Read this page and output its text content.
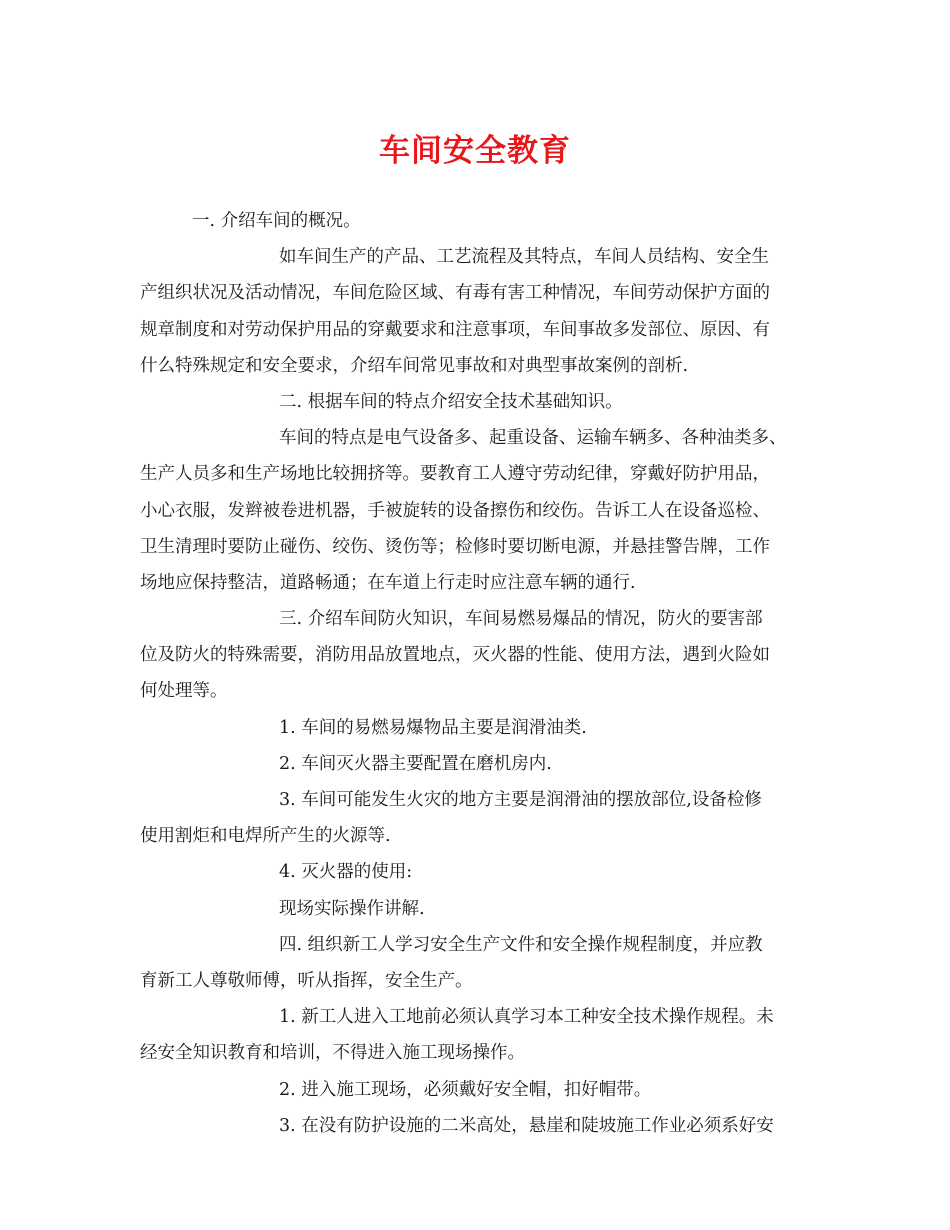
车间安全教育
一. 介绍车间的概况。
如车间生产的产品、工艺流程及其特点，车间人员结构、安全生
产组织状况及活动情况，车间危险区域、有毒有害工种情况，车间劳动保护方面的
规章制度和对劳动保护用品的穿戴要求和注意事项，车间事故多发部位、原因、有
什么特殊规定和安全要求，介绍车间常见事故和对典型事故案例的剖析.
二. 根据车间的特点介绍安全技术基础知识。
车间的特点是电气设备多、起重设备、运输车辆多、各种油类多、
生产人员多和生产场地比较拥挤等。要教育工人遵守劳动纪律，穿戴好防护用品，
小心衣服，发辫被卷进机器，手被旋转的设备擦伤和绞伤。告诉工人在设备巡检、
卫生清理时要防止碰伤、绞伤、烫伤等；检修时要切断电源，并悬挂警告牌，工作
场地应保持整洁，道路畅通；在车道上行走时应注意车辆的通行.
三. 介绍车间防火知识，车间易燃易爆品的情况，防火的要害部
位及防火的特殊需要，消防用品放置地点，灭火器的性能、使用方法，遇到火险如
何处理等。
1. 车间的易燃易爆物品主要是润滑油类.
2. 车间灭火器主要配置在磨机房内.
3. 车间可能发生火灾的地方主要是润滑油的摆放部位,设备检修
使用割炬和电焊所产生的火源等.
4. 灭火器的使用:
现场实际操作讲解.
四. 组织新工人学习安全生产文件和安全操作规程制度，并应教
育新工人尊敬师傅，听从指挥，安全生产。
1. 新工人进入工地前必须认真学习本工种安全技术操作规程。未
经安全知识教育和培训，不得进入施工现场操作。
2. 进入施工现场，必须戴好安全帽，扣好帽带。
3. 在没有防护设施的二米高处，悬崖和陡坡施工作业必须系好安
